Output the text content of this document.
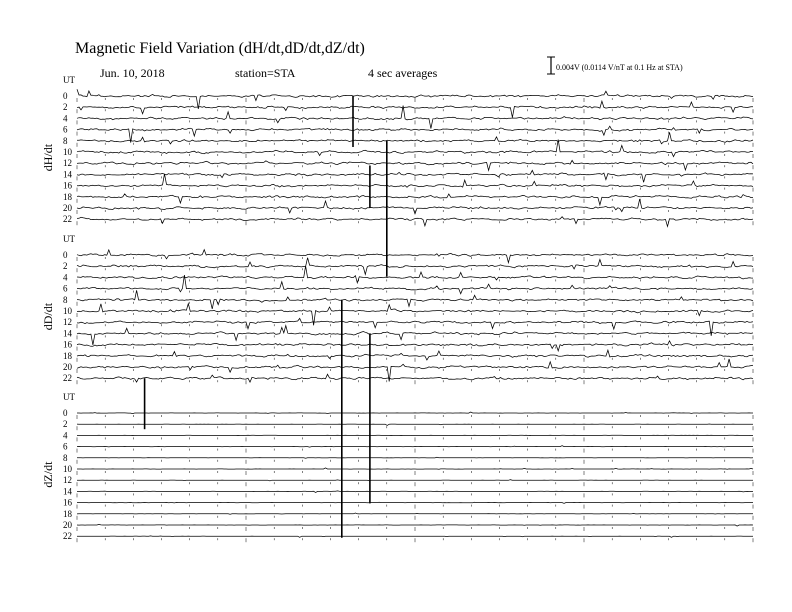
Magnetic Field Variation (dH/dt,dD/dt,dZ/dt)
Jun. 10, 2018	station=STA	4 sec averages	0.004V (0.0114 V/nT at 0.1 Hz at STA)
UT
dH/dt
0
2
4
6
8
10
12
14
16
18
20
22
UT
dD/dt
0
2
4
6
8
10
12
14
16
18
20
22
UT
dZ/dt
0
2
4
6
8
10
12
14
16
18
20
22
